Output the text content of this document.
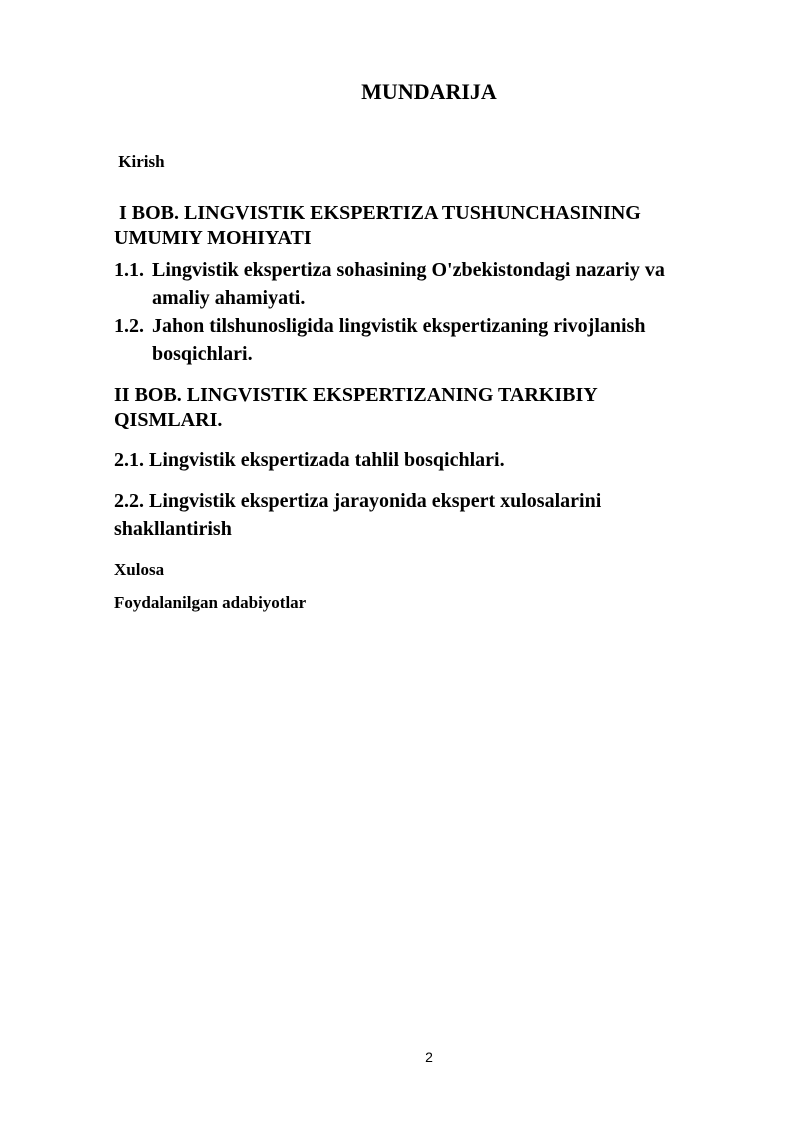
MUNDARIJA

Kirish

I BOB. LINGVISTIK EKSPERTIZA TUSHUNCHASINING
UMUMIY MOHIYATI
1.1. Lingvistik ekspertiza sohasining O'zbekistondagi nazariy va
amaliy ahamiyati.
1.2. Jahon tilshunosligida lingvistik ekspertizaning rivojlanish
bosqichlari.
II BOB. LINGVISTIK EKSPERTIZANING TARKIBIY
QISMLARI.

2.1. Lingvistik ekspertizada tahlil bosqichlari.

2.2. Lingvistik ekspertiza jarayonida ekspert xulosalarini
shakllantirish

Xulosa

Foydalanilgan adabiyotlar

2
